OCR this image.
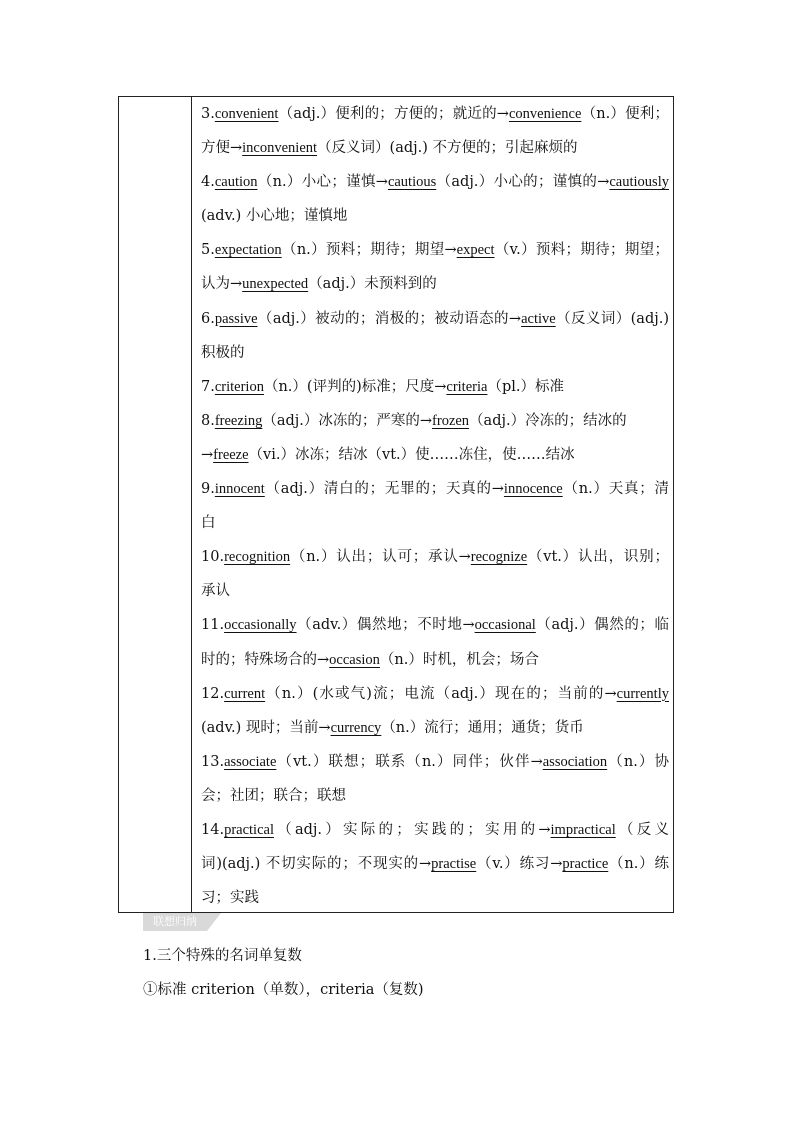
3.convenient（adj.）便利的；方便的；就近的→convenience（n.）便利；
方便→inconvenient（反义词）(adj.) 不方便的；引起麻烦的
4.caution（n.）小心；谨慎→cautious（adj.）小心的；谨慎的→cautiously
(adv.) 小心地；谨慎地
5.expectation（n.）预料；期待；期望→expect（v.）预料；期待；期望；
认为→unexpected（adj.）未预料到的
6.passive（adj.）被动的；消极的；被动语态的→active（反义词）(adj.)
积极的
7.criterion（n.）(评判的)标准；尺度→criteria（pl.）标准
8.freezing（adj.）冰冻的；严寒的→frozen（adj.）冷冻的；结冰的
→freeze（vi.）冰冻；结冰（vt.）使……冻住，使……结冰
9.innocent（adj.）清白的；无罪的；天真的→innocence（n.）天真；清
白
10.recognition（n.）认出；认可；承认→recognize（vt.）认出，识别；
承认
11.occasionally（adv.）偶然地；不时地→occasional（adj.）偶然的；临
时的；特殊场合的→occasion（n.）时机，机会；场合
12.current（n.）(水或气)流；电流（adj.）现在的；当前的→currently
(adv.) 现时；当前→currency（n.）流行；通用；通货；货币
13.associate（vt.）联想；联系（n.）同伴；伙伴→association（n.）协
会；社团；联合；联想
14.practical（adj.）实际的；实践的；实用的→impractical（反义
词)(adj.) 不切实际的；不现实的→practise（v.）练习→practice（n.）练
习；实践
联想归纳
1.三个特殊的名词单复数
①标准 criterion（单数），criteria（复数)
